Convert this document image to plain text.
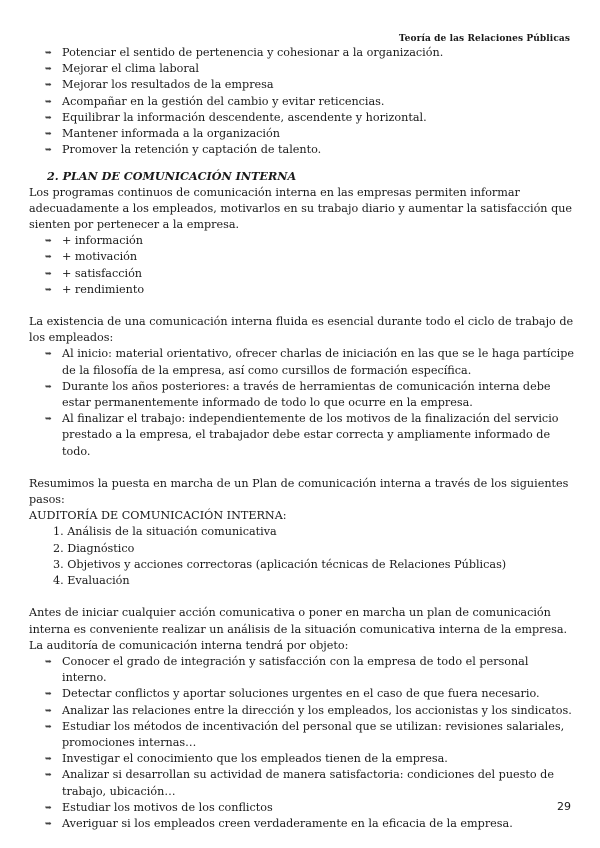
Teoría de las Relaciones Públicas
➥ Potenciar el sentido de pertenencia y cohesionar a la organización.
➥ Mejorar el clima laboral
➥ Mejorar los resultados de la empresa
➥ Acompañar en la gestión del cambio y evitar reticencias.
➥ Equilibrar la información descendente, ascendente y horizontal.
➥ Mantener informada a la organización
➥ Promover la retención y captación de talento.
2. PLAN DE COMUNICACIÓN INTERNA

Los programas continuos de comunicación interna en las empresas permiten informar adecuadamente a los empleados, motivarlos en su trabajo diario y aumentar la satisfacción que sienten por pertenecer a la empresa.

➥ + información
➥ + motivación
➥ + satisfacción
➥ + rendimiento

La existencia de una comunicación interna fluida es esencial durante todo el ciclo de trabajo de los empleados:

➥ Al inicio: material orientativo, ofrecer charlas de iniciación en las que se le haga partícipe de la filosofía de la empresa, así como cursillos de formación específica.
➥ Durante los años posteriores: a través de herramientas de comunicación interna debe estar permanentemente informado de todo lo que ocurre en la empresa.
➥ Al finalizar el trabajo: independientemente de los motivos de la finalización del servicio prestado a la empresa, el trabajador debe estar correcta y ampliamente informado de todo.

Resumimos la puesta en marcha de un Plan de comunicación interna a través de los siguientes pasos:

AUDITORÍA DE COMUNICACIÓN INTERNA:

1. Análisis de la situación comunicativa
2. Diagnóstico
3. Objetivos y acciones correctoras (aplicación técnicas de Relaciones Públicas)
4. Evaluación

Antes de iniciar cualquier acción comunicativa o poner en marcha un plan de comunicación interna es conveniente realizar un análisis de la situación comunicativa interna de la empresa.

La auditoría de comunicación interna tendrá por objeto:

➥ Conocer el grado de integración y satisfacción con la empresa de todo el personal interno.
➥ Detectar conflictos y aportar soluciones urgentes en el caso de que fuera necesario.
➥ Analizar las relaciones entre la dirección y los empleados, los accionistas y los sindicatos.
➥ Estudiar los métodos de incentivación del personal que se utilizan: revisiones salariales, promociones internas…
➥ Investigar el conocimiento que los empleados tienen de la empresa.
➥ Analizar si desarrollan su actividad de manera satisfactoria: condiciones del puesto de trabajo, ubicación…
➥ Estudiar los motivos de los conflictos
➥ Averiguar si los empleados creen verdaderamente en la eficacia de la empresa.
29
